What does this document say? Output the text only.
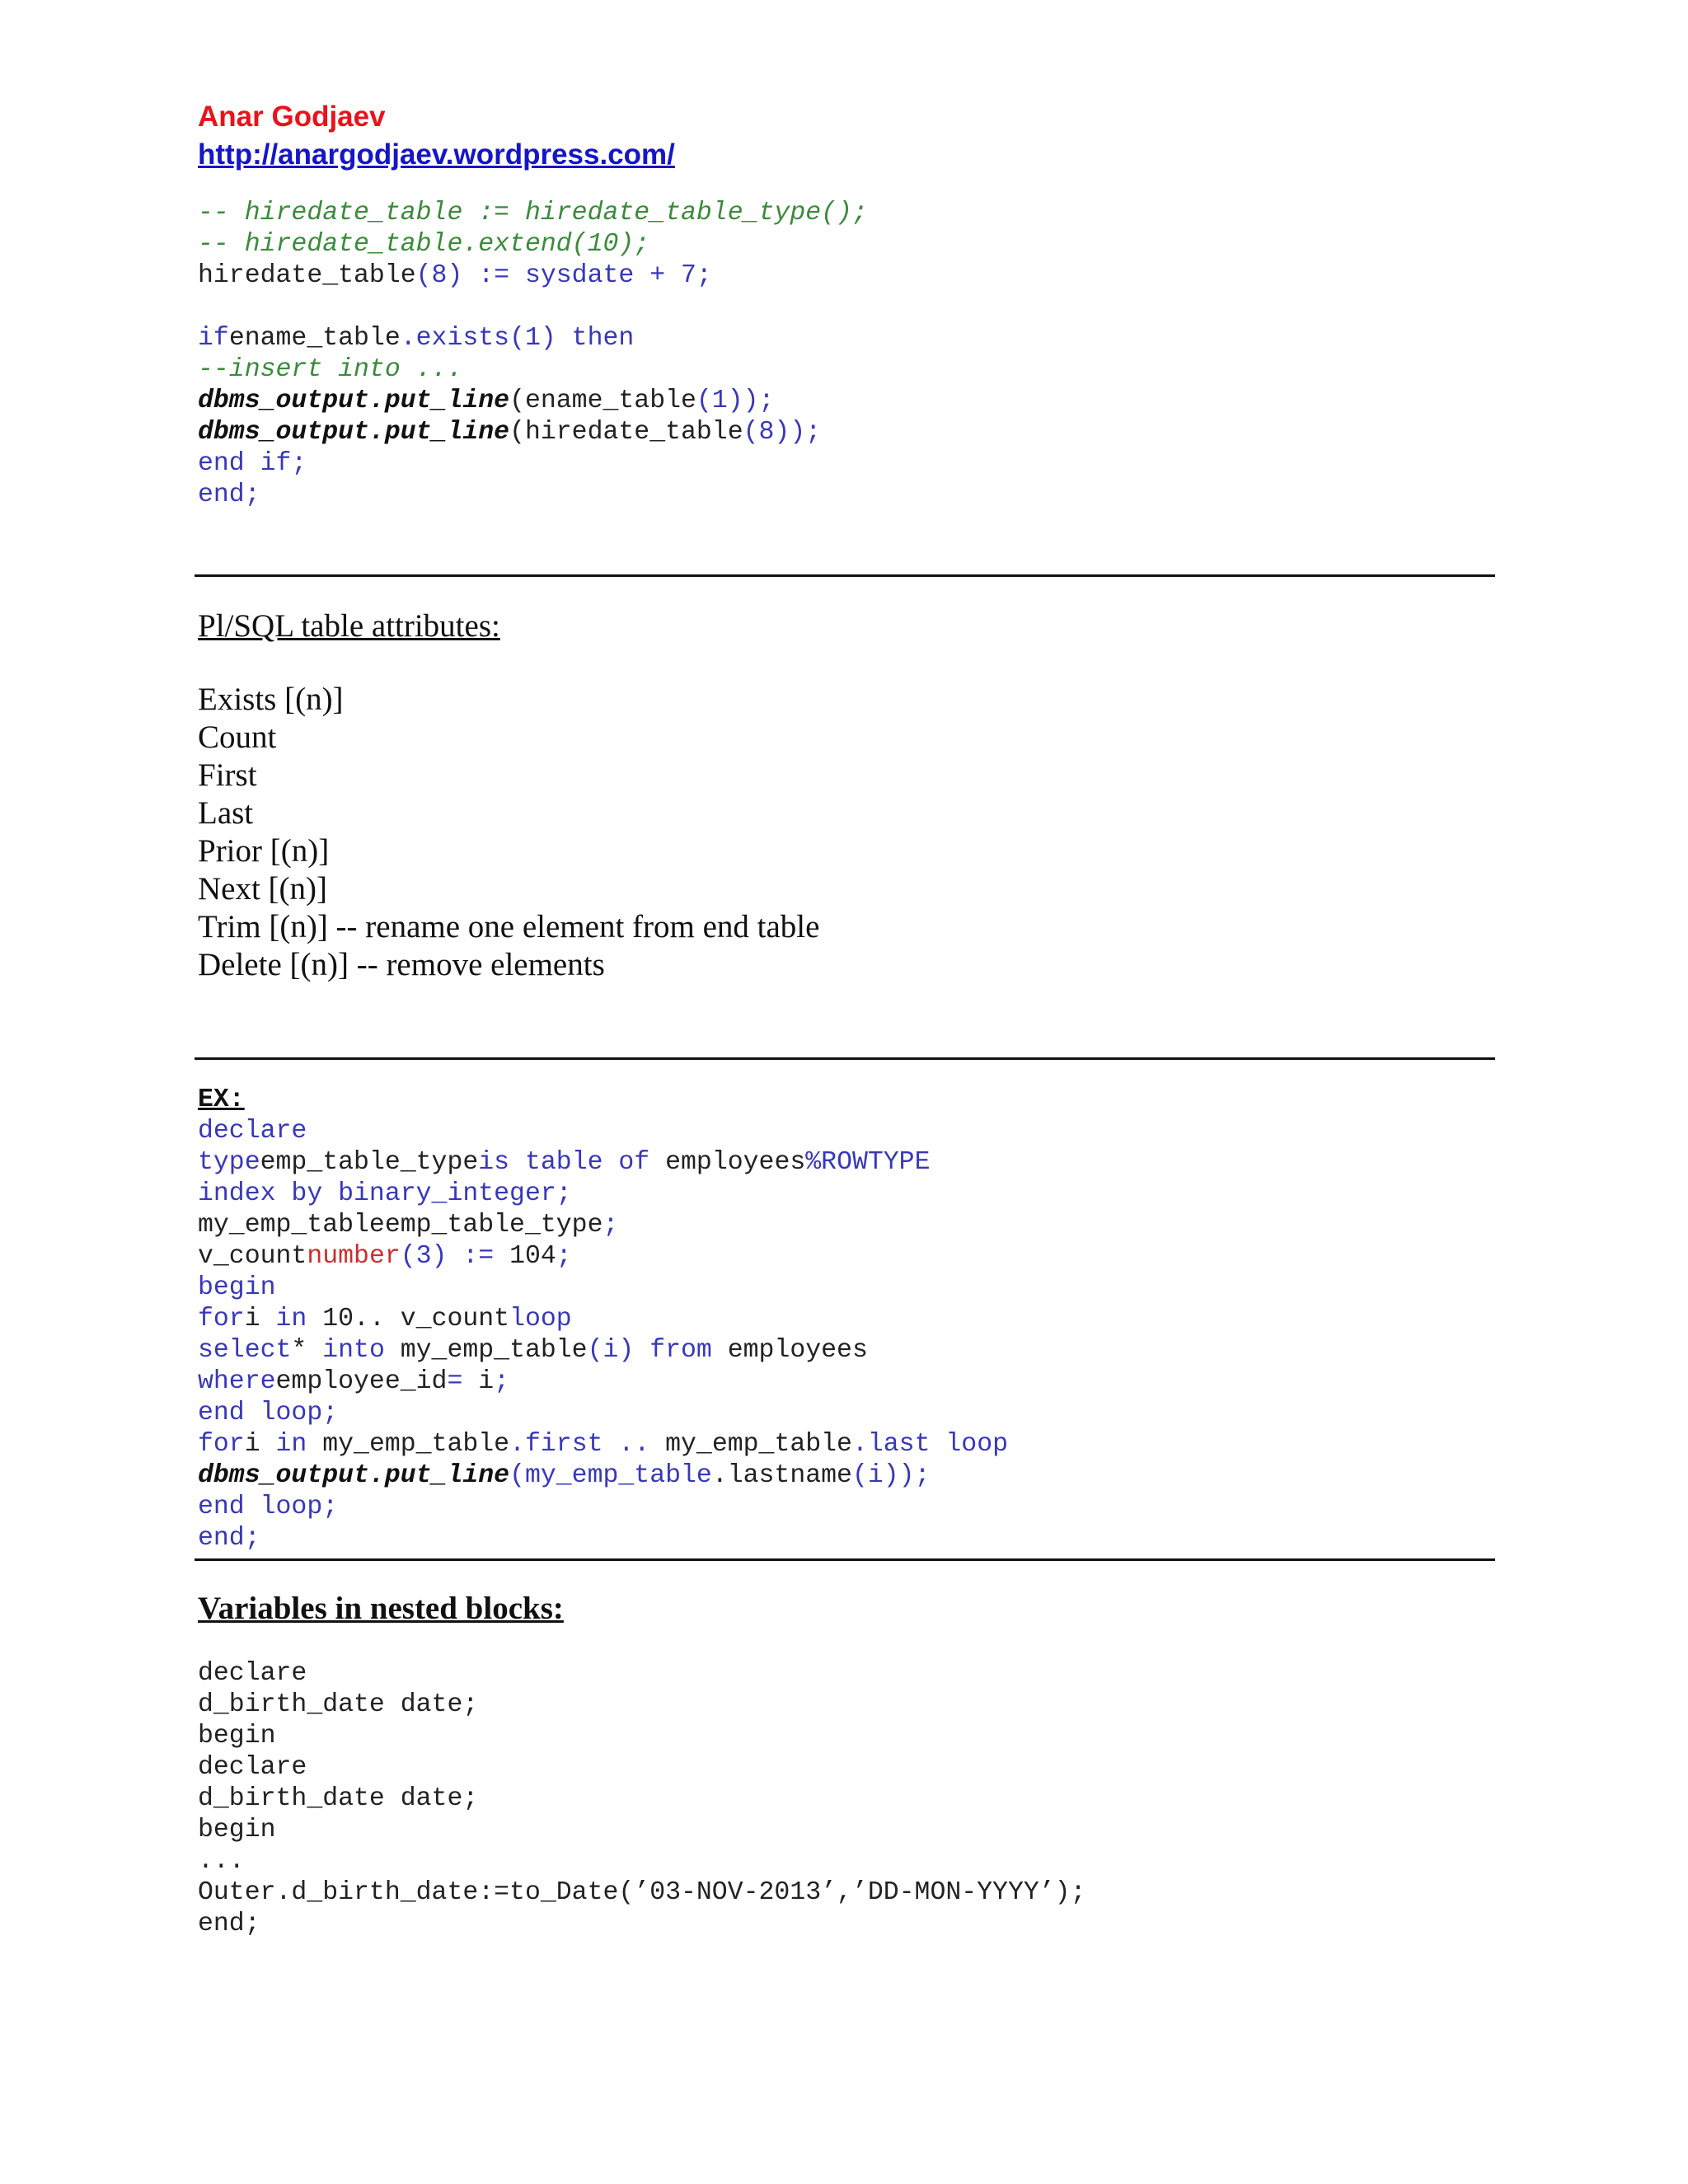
Anar Godjaev

http://anargodjaev.wordpress.com/
-- hiredate_table := hiredate_table_type();
-- hiredate_table.extend(10);
hiredate_table(8) := sysdate + 7;
ifename_table.exists(1) then
--insert into ...
dbms_output.put_line(ename_table(1));
dbms_output.put_line(hiredate_table(8));
end if;
end;

Pl/SQL table attributes:

Exists [(n)]
Count
First
Last
Prior [(n)]
Next [(n)]
Trim [(n)] -- rename one element from end table
Delete [(n)] -- remove elements
EX:
declare
typeemp_table_typeis table of employees%ROWTYPE
index by binary_integer;
my_emp_tableemp_table_type;
v_countnumber(3) := 104;
begin
fori in 10.. v_countloop
select* into my_emp_table(i) from employees
whereemployee_id= i;
end loop;
fori in my_emp_table.first .. my_emp_table.last loop
dbms_output.put_line(my_emp_table.lastname(i));
end loop;
end;

Variables in nested blocks:

declare
d_birth_date date;
begin
declare
d_birth_date date;
begin
...
Outer.d_birth_date:=to_Date(’03-NOV-2013’,’DD-MON-YYYY’);
end;
